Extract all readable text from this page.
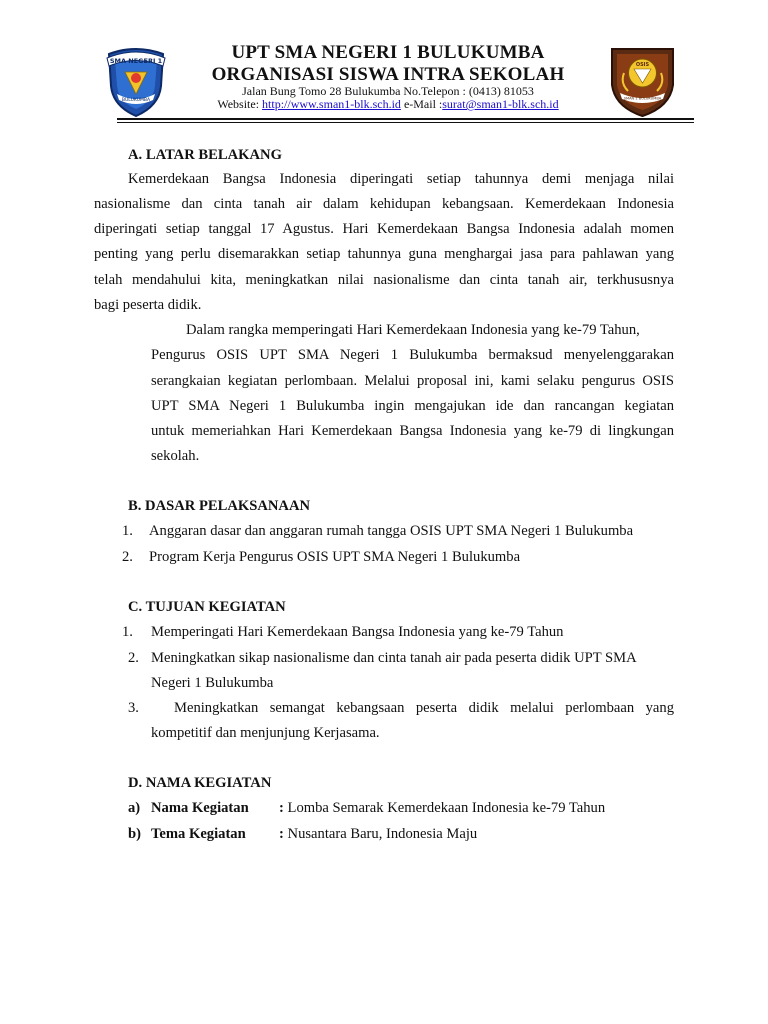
SMA NEGERI 1
BULUKUMBA
OSIS
SMAN 1 BULUKUMBA
UPT SMA NEGERI 1 BULUKUMBA
ORGANISASI SISWA INTRA SEKOLAH
Jalan Bung Tomo 28 Bulukumba No.Telepon : (0413) 81053
Website: http://www.sman1-blk.sch.id e-Mail :surat@sman1-blk.sch.id
A. LATAR BELAKANG
Kemerdekaan Bangsa Indonesia diperingati setiap tahunnya demi menjaga nilai
nasionalisme dan cinta tanah air dalam kehidupan kebangsaan. Kemerdekaan Indonesia
diperingati setiap tanggal 17 Agustus. Hari Kemerdekaan Bangsa Indonesia adalah momen
penting yang perlu disemarakkan setiap tahunnya guna menghargai jasa para pahlawan yang
telah mendahului kita, meningkatkan nilai nasionalisme dan cinta tanah air, terkhususnya
bagi peserta didik.
Dalam rangka memperingati Hari Kemerdekaan Indonesia yang ke-79 Tahun,
Pengurus OSIS UPT SMA Negeri 1 Bulukumba bermaksud menyelenggarakan
serangkaian kegiatan perlombaan. Melalui proposal ini, kami selaku pengurus OSIS
UPT SMA Negeri 1 Bulukumba ingin mengajukan ide dan rancangan kegiatan
untuk memeriahkan Hari Kemerdekaan Bangsa Indonesia yang ke-79 di lingkungan
sekolah.
B. DASAR PELAKSANAAN
1. Anggaran dasar dan anggaran rumah tangga OSIS UPT SMA Negeri 1 Bulukumba
2. Program Kerja Pengurus OSIS UPT SMA Negeri 1 Bulukumba
C. TUJUAN KEGIATAN
1. Memperingati Hari Kemerdekaan Bangsa Indonesia yang ke-79 Tahun
2. Meningkatkan sikap nasionalisme dan cinta tanah air pada peserta didik UPT SMA
Negeri 1 Bulukumba
3. Meningkatkan semangat kebangsaan peserta didik melalui perlombaan yang
kompetitif dan menjunjung Kerjasama.
D. NAMA KEGIATAN
a) Nama Kegiatan : Lomba Semarak Kemerdekaan Indonesia ke-79 Tahun
b) Tema Kegiatan : Nusantara Baru, Indonesia Maju
